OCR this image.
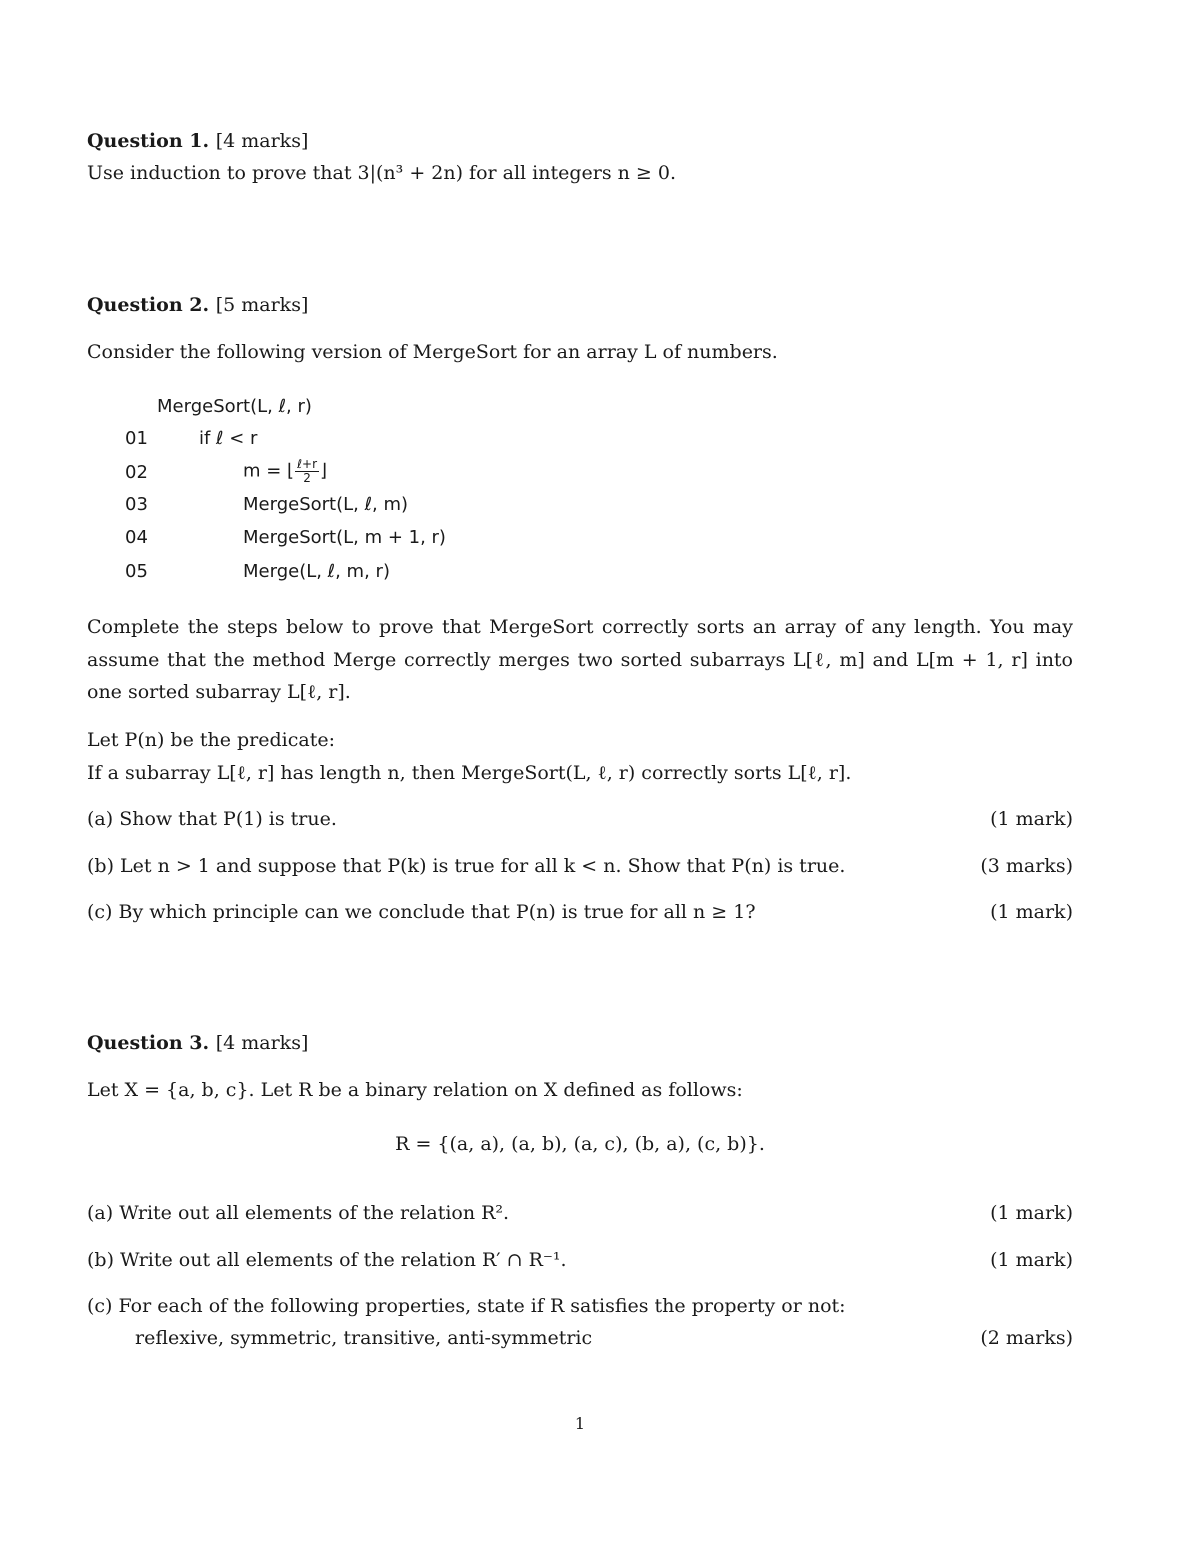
Question 1. [4 marks]
Use induction to prove that 3|(n³ + 2n) for all integers n ≥ 0.
Question 2. [5 marks]
Consider the following version of MergeSort for an array L of numbers.
MergeSort(L, ℓ, r)
01	if ℓ < r
02	m = ⌊ $\frac{\text{ℓ+r}}{2}$ ⌋
03	MergeSort(L, ℓ, m)
04	MergeSort(L, m + 1, r)
05	Merge(L, ℓ, m, r)
Complete the steps below to prove that MergeSort correctly sorts an array of any length. You may assume that the method Merge correctly merges two sorted subarrays L[ℓ, m] and L[m + 1, r] into one sorted subarray L[ℓ, r].
Let P(n) be the predicate:
If a subarray L[ℓ, r] has length n, then MergeSort(L, ℓ, r) correctly sorts L[ℓ, r].
(a) Show that P(1) is true.	(1 mark)
(b) Let n > 1 and suppose that P(k) is true for all k < n. Show that P(n) is true.	(3 marks)
(c) By which principle can we conclude that P(n) is true for all n ≥ 1?	(1 mark)
Question 3. [4 marks]
Let X = {a, b, c}. Let R be a binary relation on X defined as follows:
R = {(a, a), (a, b), (a, c), (b, a), (c, b)}.
(a) Write out all elements of the relation R².	(1 mark)
(b) Write out all elements of the relation R′ ∩ R⁻¹.	(1 mark)
(c) For each of the following properties, state if R satisfies the property or not:
reflexive, symmetric, transitive, anti-symmetric	(2 marks)
1
